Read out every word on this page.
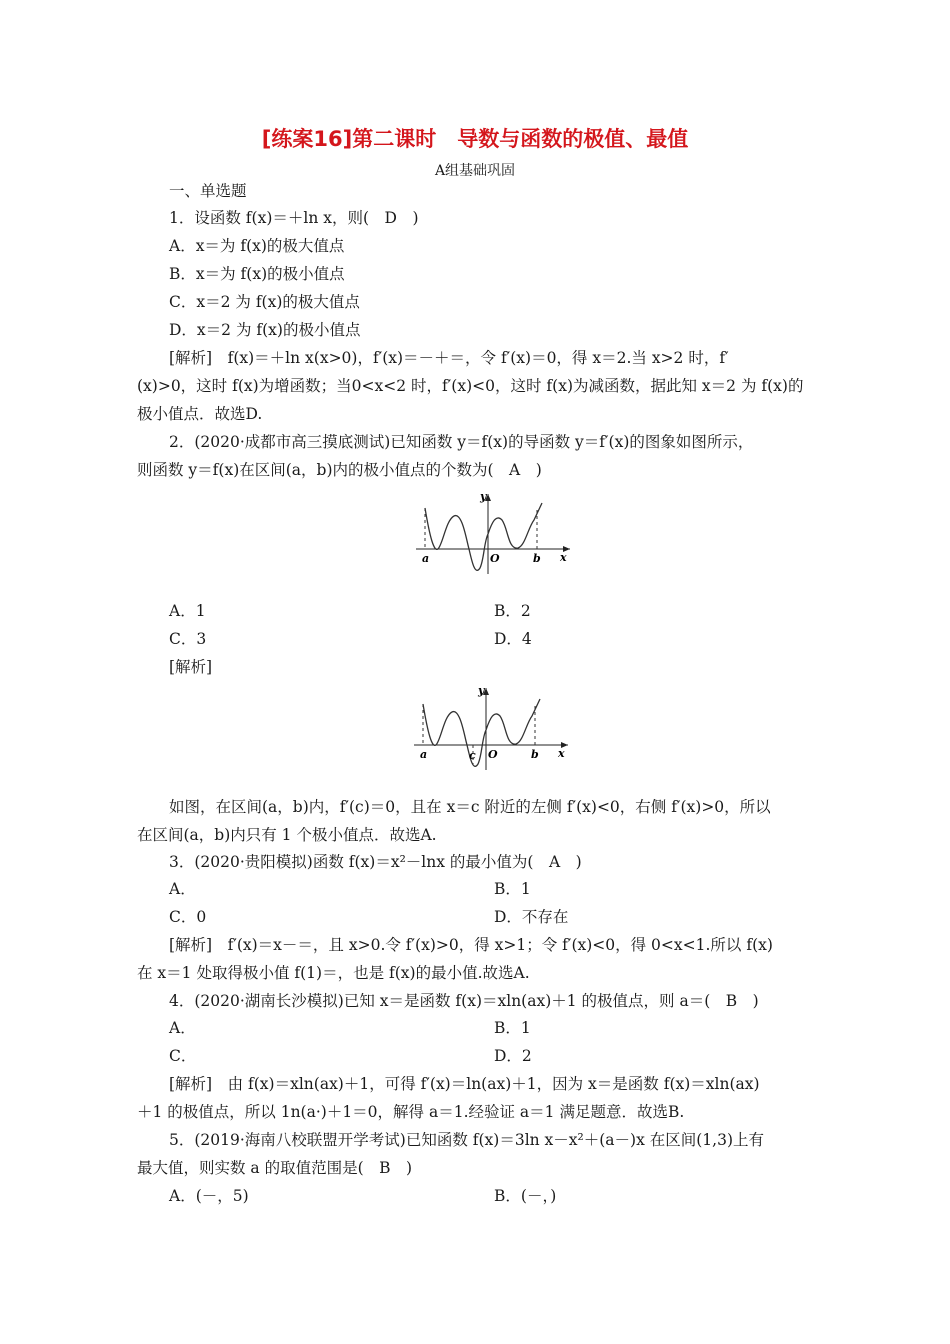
[练案16]第二课时　导数与函数的极值、最值
A组基础巩固
一、单选题
1．设函数 f(x)＝＋ln x，则(　D　)
A．x＝为 f(x)的极大值点
B．x＝为 f(x)的极小值点
C．x＝2 为 f(x)的极大值点
D．x＝2 为 f(x)的极小值点
[解析]　f(x)＝＋ln x(x>0)，f′(x)＝－＋＝，令 f′(x)＝0，得 x＝2.当 x>2 时，f′
(x)>0，这时 f(x)为增函数；当0<x<2 时，f′(x)<0，这时 f(x)为减函数，据此知 x＝2 为 f(x)的
极小值点．故选D.
2．(2020·成都市高三摸底测试)已知函数 y＝f(x)的导函数 y＝f′(x)的图象如图所示，
则函数 y＝f(x)在区间(a，b)内的极小值点的个数为(　A　)
y
x
a	b
O
A．1	B．2
C．3	D．4
[解析]
y
x
a	b
O
c
如图，在区间(a，b)内，f′(c)＝0，且在 x＝c 附近的左侧 f′(x)<0，右侧 f′(x)>0，所以
在区间(a，b)内只有 1 个极小值点．故选A.
3．(2020·贵阳模拟)函数 f(x)＝x²－lnx 的最小值为(　A　)
A．	B．1
C．0	D．不存在
[解析]　f′(x)＝x－＝，且 x>0.令 f′(x)>0，得 x>1；令 f′(x)<0，得 0<x<1.所以 f(x)
在 x＝1 处取得极小值 f(1)＝，也是 f(x)的最小值.故选A.
4．(2020·湖南长沙模拟)已知 x＝是函数 f(x)＝xln(ax)＋1 的极值点，则 a＝(　B　)
A．	B．1
C．	D．2
[解析]　由 f(x)＝xln(ax)＋1，可得 f′(x)＝ln(ax)＋1，因为 x＝是函数 f(x)＝xln(ax)
＋1 的极值点，所以 1n(a·)＋1＝0，解得 a＝1.经验证 a＝1 满足题意．故选B.
5．(2019·海南八校联盟开学考试)已知函数 f(x)＝3ln x－x²＋(a－)x 在区间(1,3)上有
最大值，则实数 a 的取值范围是(　B　)
A．(－，5)	B．(－，)
